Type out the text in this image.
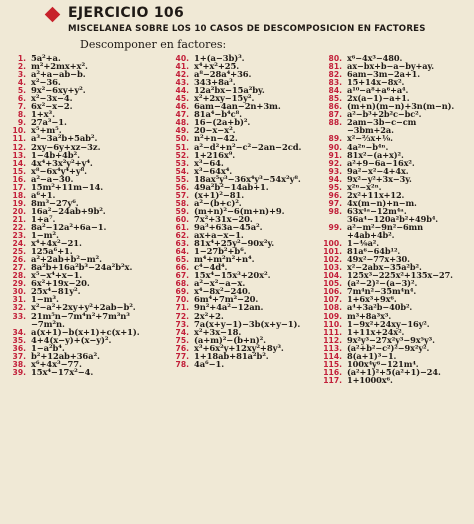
EJERCICIO 106
MISCELANEA SOBRE LOS 10 CASOS DE DESCOMPOSICION EN FACTORES
Descomponer en factores:
1. 5a²+a.
2. m²+2mx+x².
3. a²+a−ab−b.
4. x²−36.
5. 9x²−6xy+y².
6. x²−3x−4.
7. 6x²−x−2.
8. 1+x³.
9. 27a³−1.
10. x⁵+m⁵.
11. a³−3a²b+5ab².
12. 2xy−6y+xz−3z.
13. 1−4b+4b².
14. 4x⁴+3x²y²+y⁴.
15. x⁸−6x⁴y⁴+y⁸.
16. a²−a−30.
17. 15m²+11m−14.
18. a⁶+1.
19. 8m³−27y⁶.
20. 16a²−24ab+9b².
21. 1+a⁷.
22. 8a²−12a²+6a−1.
23. 1−m².
24. x⁴+4x²−21.
25. 125a⁶+1.
26. a²+2ab+b²−m².
27. 8a²b+16a²b³−24a²b²x.
28. x⁵−x⁴+x−1.
29. 6x²+19x−20.
30. 25x⁴−81y².
31. 1−m³.
32. x²−a²+2xy+y²+2ab−b².
33. 21m⁵n−7m⁴n²+7m³n³
−7m²n.
34. a(x+1)−b(x+1)+c(x+1).
35. 4+4(x−y)+(x−y)².
36. 1−a²b⁴.
37. b²+12ab+36a².
38. x⁶+4x³−77.
39. 15x⁴−17x²−4.
40. 1+(a−3b)³.
41. x⁴+x²+25.
42. a⁸−28a⁴+36.
43. 343+8a³.
44. 12a²bx−15a²by.
45. x²+2xy−15y².
46. 6am−4an−2n+3m.
47. 81a⁴−b⁴c⁸.
48. 16−(2a+b)².
49. 20−x−x².
50. n²+n−42.
51. a²−d²+n²−c²−2an−2cd.
52. 1+216x⁹.
53. x³−64.
54. x³−64x⁴.
55. 18ax⁵y³−36x⁴y³−54x²y⁸.
56. 49a²b²−14ab+1.
57. (x+1)²−81.
58. a²−(b+c)².
59. (m+n)²−6(m+n)+9.
60. 7x²+31x−20.
61. 9a³+63a−45a².
62. ax+a−x−1.
63. 81x⁴+25y²−90x²y.
64. 1−27b²+b⁶.
65. m⁴+m²n²+n⁴.
66. c⁴−4d⁴.
67. 15x⁴−15x³+20x².
68. a²−x²−a−x.
69. x⁴−8x²−240.
70. 6m⁴+7m²−20.
71. 9n²+4a²−12an.
72. 2x²+2.
73. 7a(x+y−1)−3b(x+y−1).
74. x²+3x−18.
75. (a+m)²−(b+n)².
76. x³+6x²y+12xy²+8y³.
77. 1+18ab+81a²b².
78. 4a⁶−1.
80. x⁶−4x³−480.
81. ax−bx+b−a−by+ay.
82. 6am−3m−2a+1.
83. 15+14x−8x².
84. a¹⁰−a⁸+a⁶+a⁴.
85. 2x(a−1)−a+1.
86. (m+n)(m−n)+3n(m−n).
87. a²−b³+2b²c−bc².
88. 2am−3b−c−cm
−3bm+2a.
89. x²−⅔x+¹⁄₉.
90. 4a²ⁿ−b⁴ⁿ.
91. 81x²−(a+x)².
92. a²+9−6a−16x².
93. 9a²−x²−4+4x.
94. 9x²−y²+3x−3y.
95. x²ⁿ−x²ⁿ.
96. 2x²+11x+12.
97. 4x(m−n)+n−m.
98. 63x⁴ᵃ−12m⁴ᵃ.
36a⁴−120a²b²+49b⁴.
99. a²−m²−9n²−6mn
+4ab+4b².
100. 1−⁴⁄₉a².
101. 81a⁶−64b¹².
102. 49x²−77x+30.
103. x²−2abx−35a²b².
104. 125x³−225x²+135x−27.
105. (a²−2)²−(a−3)².
106. 7m⁴n²−35m⁴n⁴.
107. 1+6x³+9x⁶.
108. a⁴+3a²b−40b².
109. m³+8a³x³.
110. 1−9x²+24xy−16y².
111. 1+11x+24x².
112. 9x²y³−27x²y³−9x⁵y³.
113. (a²+b²−c²)²−9x²y².
114. 8(a+1)³−1.
115. 100x⁴y⁶−121m⁴.
116. (a²+1)²+5(a²+1)−24.
117. 1+1000x⁶.
